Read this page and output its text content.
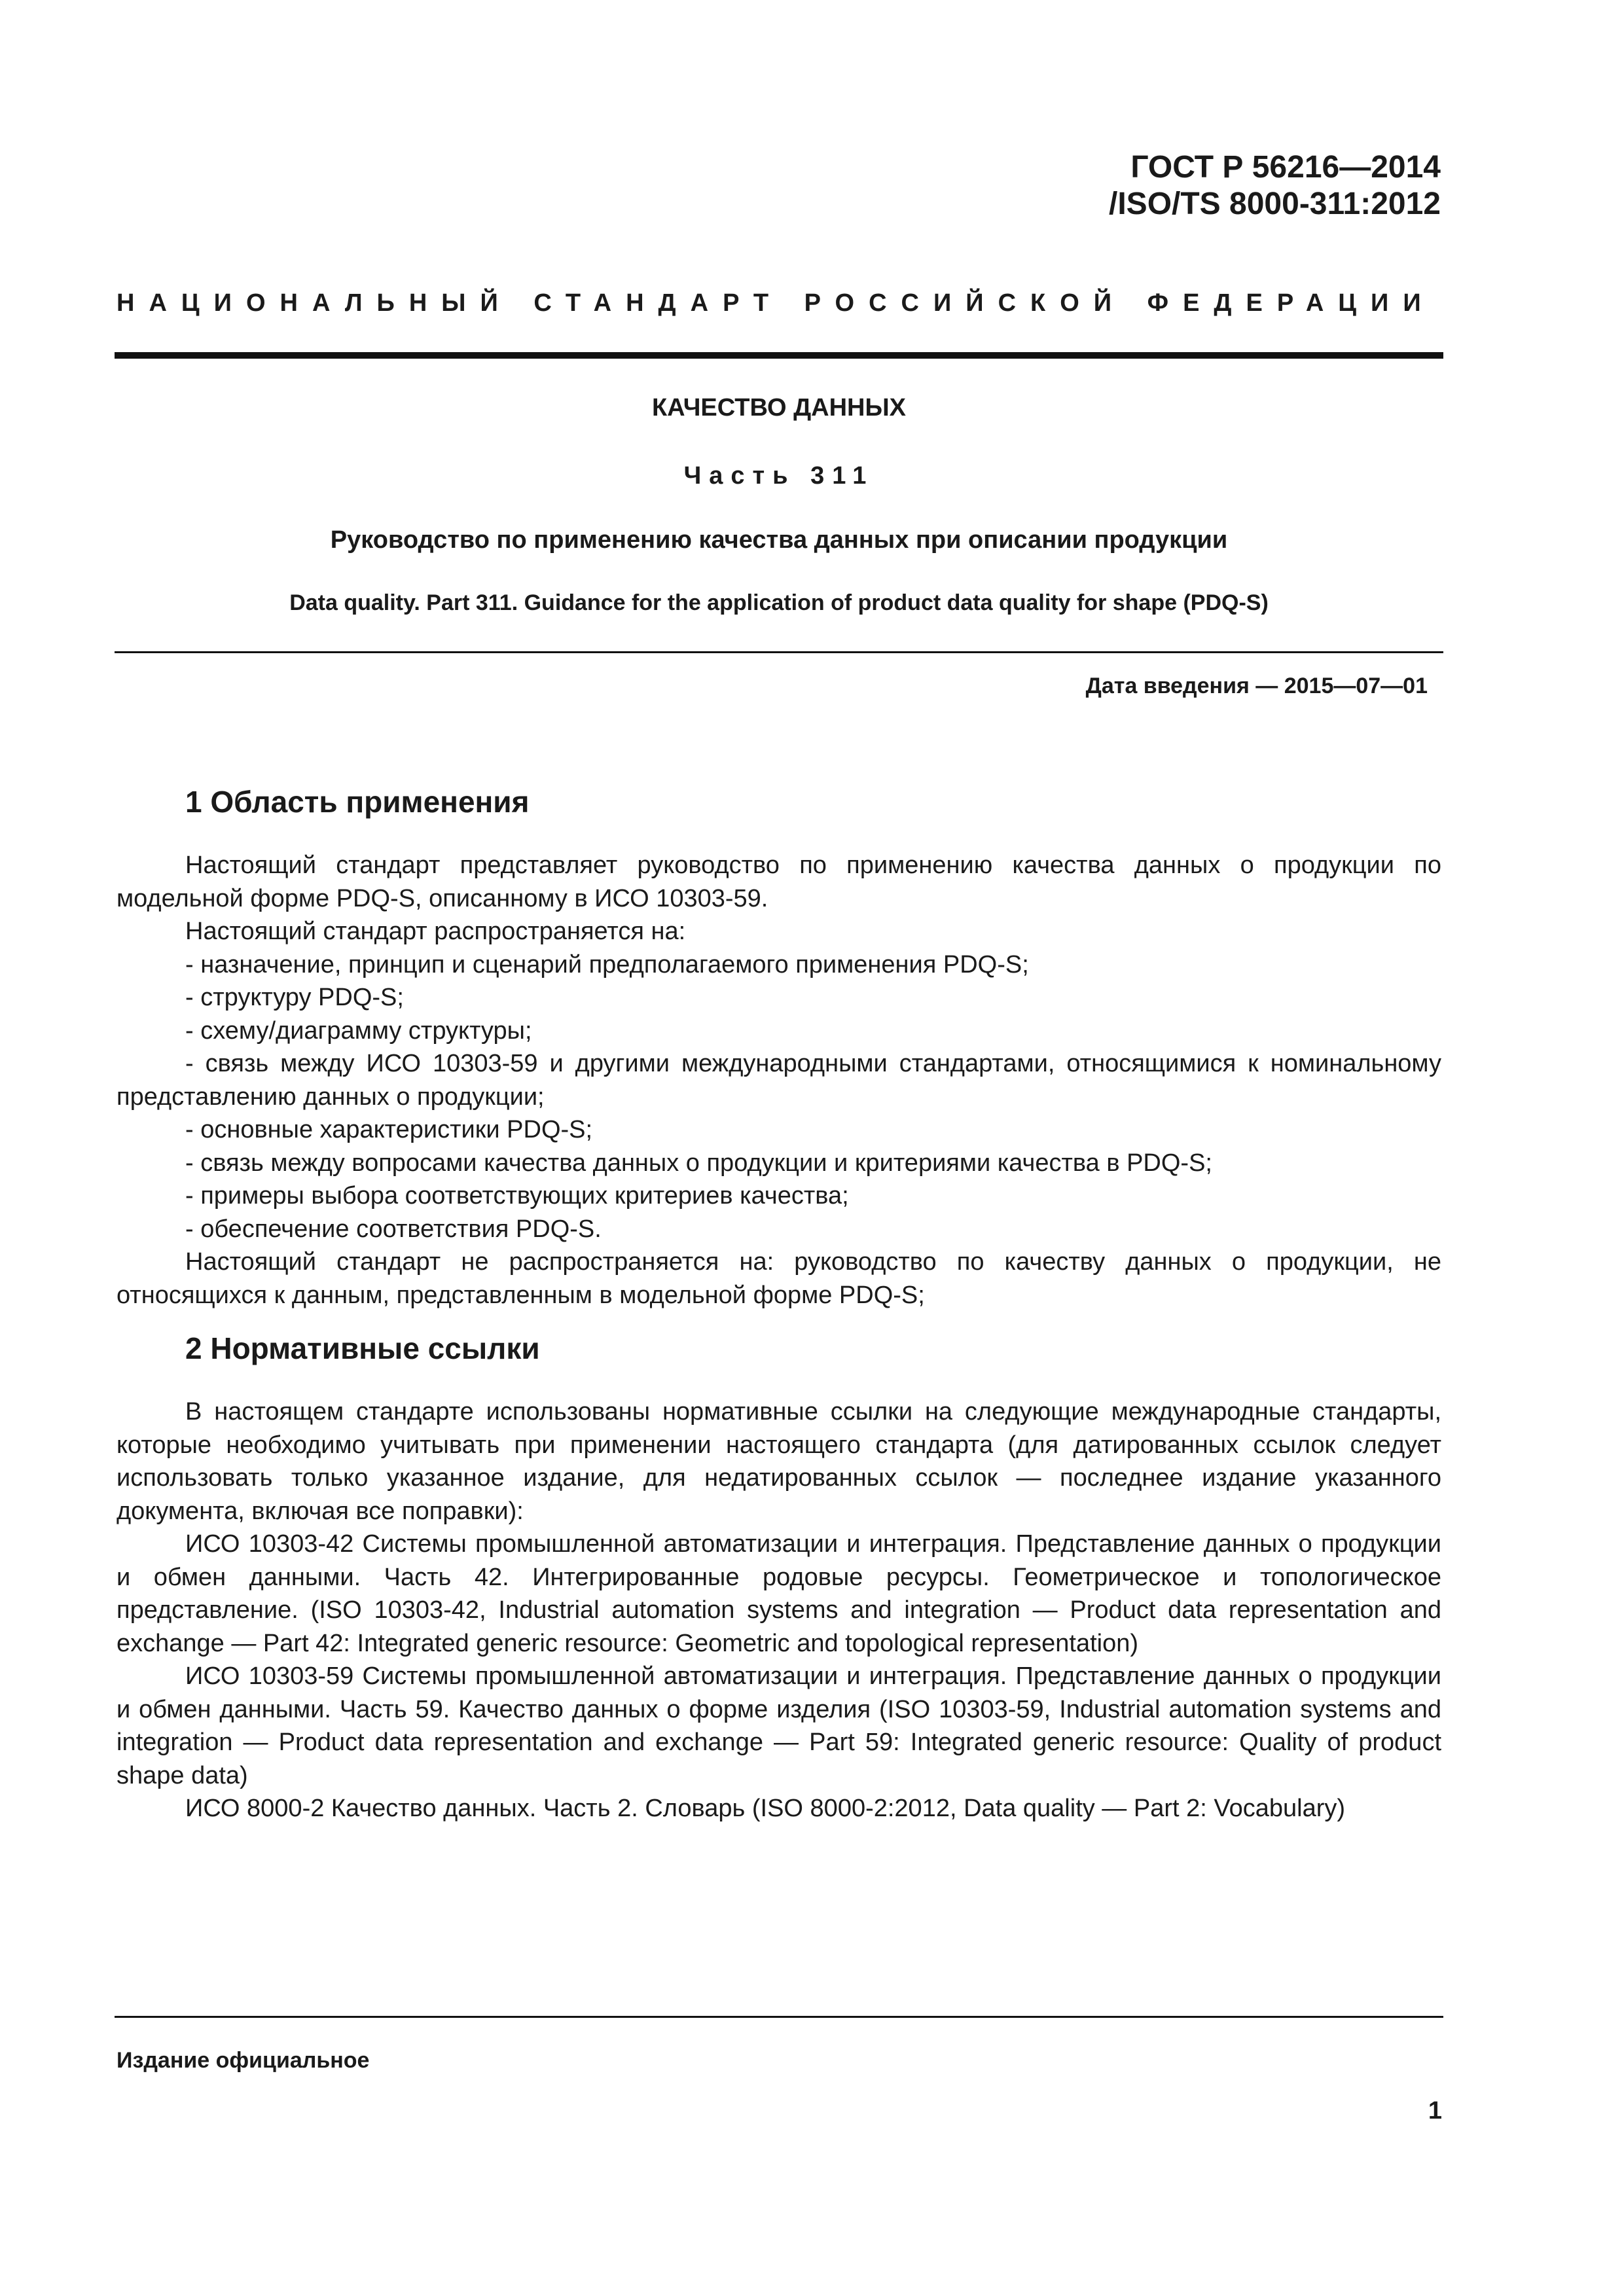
ГОСТ Р 56216—2014
/ISO/TS 8000-311:2012
НАЦИОНАЛЬНЫЙ СТАНДАРТ РОССИЙСКОЙ ФЕДЕРАЦИИ
КАЧЕСТВО ДАННЫХ
Часть 311
Руководство по применению качества данных при описании продукции
Data quality. Part 311. Guidance for the application of product data quality for shape (PDQ-S)
Дата введения — 2015—07—01
1 Область применения

Настоящий стандарт представляет руководство по применению качества данных о продукции по модельной форме PDQ-S, описанному в ИСО 10303-59.

Настоящий стандарт распространяется на:

- назначение, принцип и сценарий предполагаемого применения PDQ-S;

- структуру PDQ-S;

- схему/диаграмму структуры;

- связь между ИСО 10303-59 и другими международными стандартами, относящимися к номинальному представлению данных о продукции;

- основные характеристики PDQ-S;

- связь между вопросами качества данных о продукции и критериями качества в PDQ-S;

- примеры выбора соответствующих критериев качества;

- обеспечение соответствия PDQ-S.

Настоящий стандарт не распространяется на: руководство по качеству данных о продукции, не относящихся к данным, представленным в модельной форме PDQ-S;

2 Нормативные ссылки

В настоящем стандарте использованы нормативные ссылки на следующие международные стандарты, которые необходимо учитывать при применении настоящего стандарта (для датированных ссылок следует использовать только указанное издание, для недатированных ссылок — последнее издание указанного документа, включая все поправки):

ИСО 10303-42 Системы промышленной автоматизации и интеграция. Представление данных о продукции и обмен данными. Часть 42. Интегрированные родовые ресурсы. Геометрическое и топологическое представление. (ISO 10303-42, Industrial automation systems and integration — Product data representation and exchange — Part 42: Integrated generic resource: Geometric and topological representation)

ИСО 10303-59 Системы промышленной автоматизации и интеграция. Представление данных о продукции и обмен данными. Часть 59. Качество данных о форме изделия (ISO 10303-59, Industrial automation systems and integration — Product data representation and exchange — Part 59: Integrated generic resource: Quality of product shape data)

ИСО 8000-2 Качество данных. Часть 2. Словарь (ISO 8000-2:2012, Data quality — Part 2: Vocabulary)

Издание официальное
1
